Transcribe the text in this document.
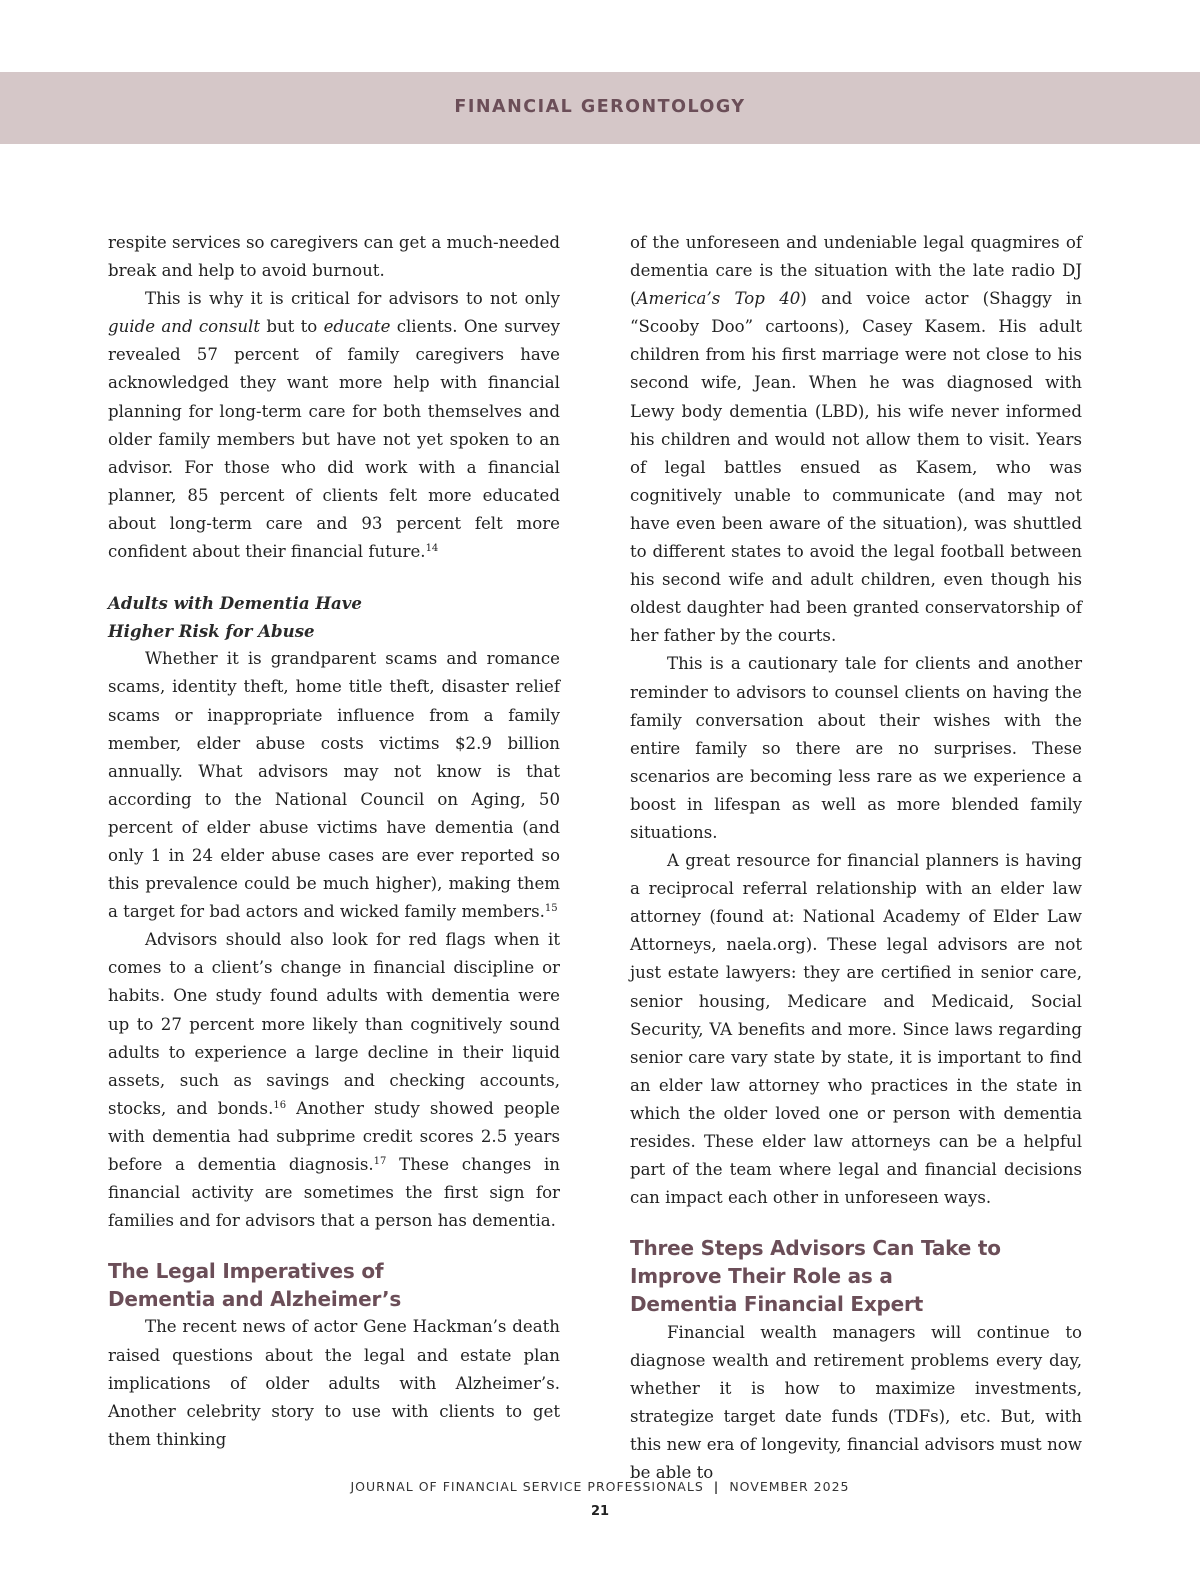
FINANCIAL GERONTOLOGY

respite services so caregivers can get a much-needed break and help to avoid burnout.

This is why it is critical for advisors to not only guide and consult but to educate clients. One survey revealed 57 percent of family caregivers have acknowledged they want more help with financial planning for long-term care for both themselves and older family members but have not yet spoken to an advisor. For those who did work with a financial planner, 85 percent of clients felt more educated about long-term care and 93 percent felt more confident about their financial future.$^{14}$

Adults with Dementia Have
Higher Risk for Abuse

Whether it is grandparent scams and romance scams, identity theft, home title theft, disaster relief scams or inappropriate influence from a family member, elder abuse costs victims $2.9 billion annually. What advisors may not know is that according to the National Council on Aging, 50 percent of elder abuse victims have dementia (and only 1 in 24 elder abuse cases are ever reported so this prevalence could be much higher), making them a target for bad actors and wicked family members.$^{15}$

Advisors should also look for red flags when it comes to a client’s change in financial discipline or habits. One study found adults with dementia were up to 27 percent more likely than cognitively sound adults to experience a large decline in their liquid assets, such as savings and checking accounts, stocks, and bonds.$^{16}$ Another study showed people with dementia had subprime credit scores 2.5 years before a dementia diagnosis.$^{17}$ These changes in financial activity are sometimes the first sign for families and for advisors that a person has dementia.

The Legal Imperatives of
Dementia and Alzheimer’s

The recent news of actor Gene Hackman’s death raised questions about the legal and estate plan implications of older adults with Alzheimer’s. Another celebrity story to use with clients to get them thinking

of the unforeseen and undeniable legal quagmires of dementia care is the situation with the late radio DJ (America’s Top 40) and voice actor (Shaggy in “Scooby Doo” cartoons), Casey Kasem. His adult children from his first marriage were not close to his second wife, Jean. When he was diagnosed with Lewy body dementia (LBD), his wife never informed his children and would not allow them to visit. Years of legal battles ensued as Kasem, who was cognitively unable to communicate (and may not have even been aware of the situation), was shuttled to different states to avoid the legal football between his second wife and adult children, even though his oldest daughter had been granted conservatorship of her father by the courts.

This is a cautionary tale for clients and another reminder to advisors to counsel clients on having the family conversation about their wishes with the entire family so there are no surprises. These scenarios are becoming less rare as we experience a boost in lifespan as well as more blended family situations.

A great resource for financial planners is having a reciprocal referral relationship with an elder law attorney (found at: National Academy of Elder Law Attorneys, naela.org). These legal advisors are not just estate lawyers: they are certified in senior care, senior housing, Medicare and Medicaid, Social Security, VA benefits and more. Since laws regarding senior care vary state by state, it is important to find an elder law attorney who practices in the state in which the older loved one or person with dementia resides. These elder law attorneys can be a helpful part of the team where legal and financial decisions can impact each other in unforeseen ways.

Three Steps Advisors Can Take to
Improve Their Role as a
Dementia Financial Expert

Financial wealth managers will continue to diagnose wealth and retirement problems every day, whether it is how to maximize investments, strategize target date funds (TDFs), etc. But, with this new era of longevity, financial advisors must now be able to

JOURNAL OF FINANCIAL SERVICE PROFESSIONALS | NOVEMBER 2025

21
